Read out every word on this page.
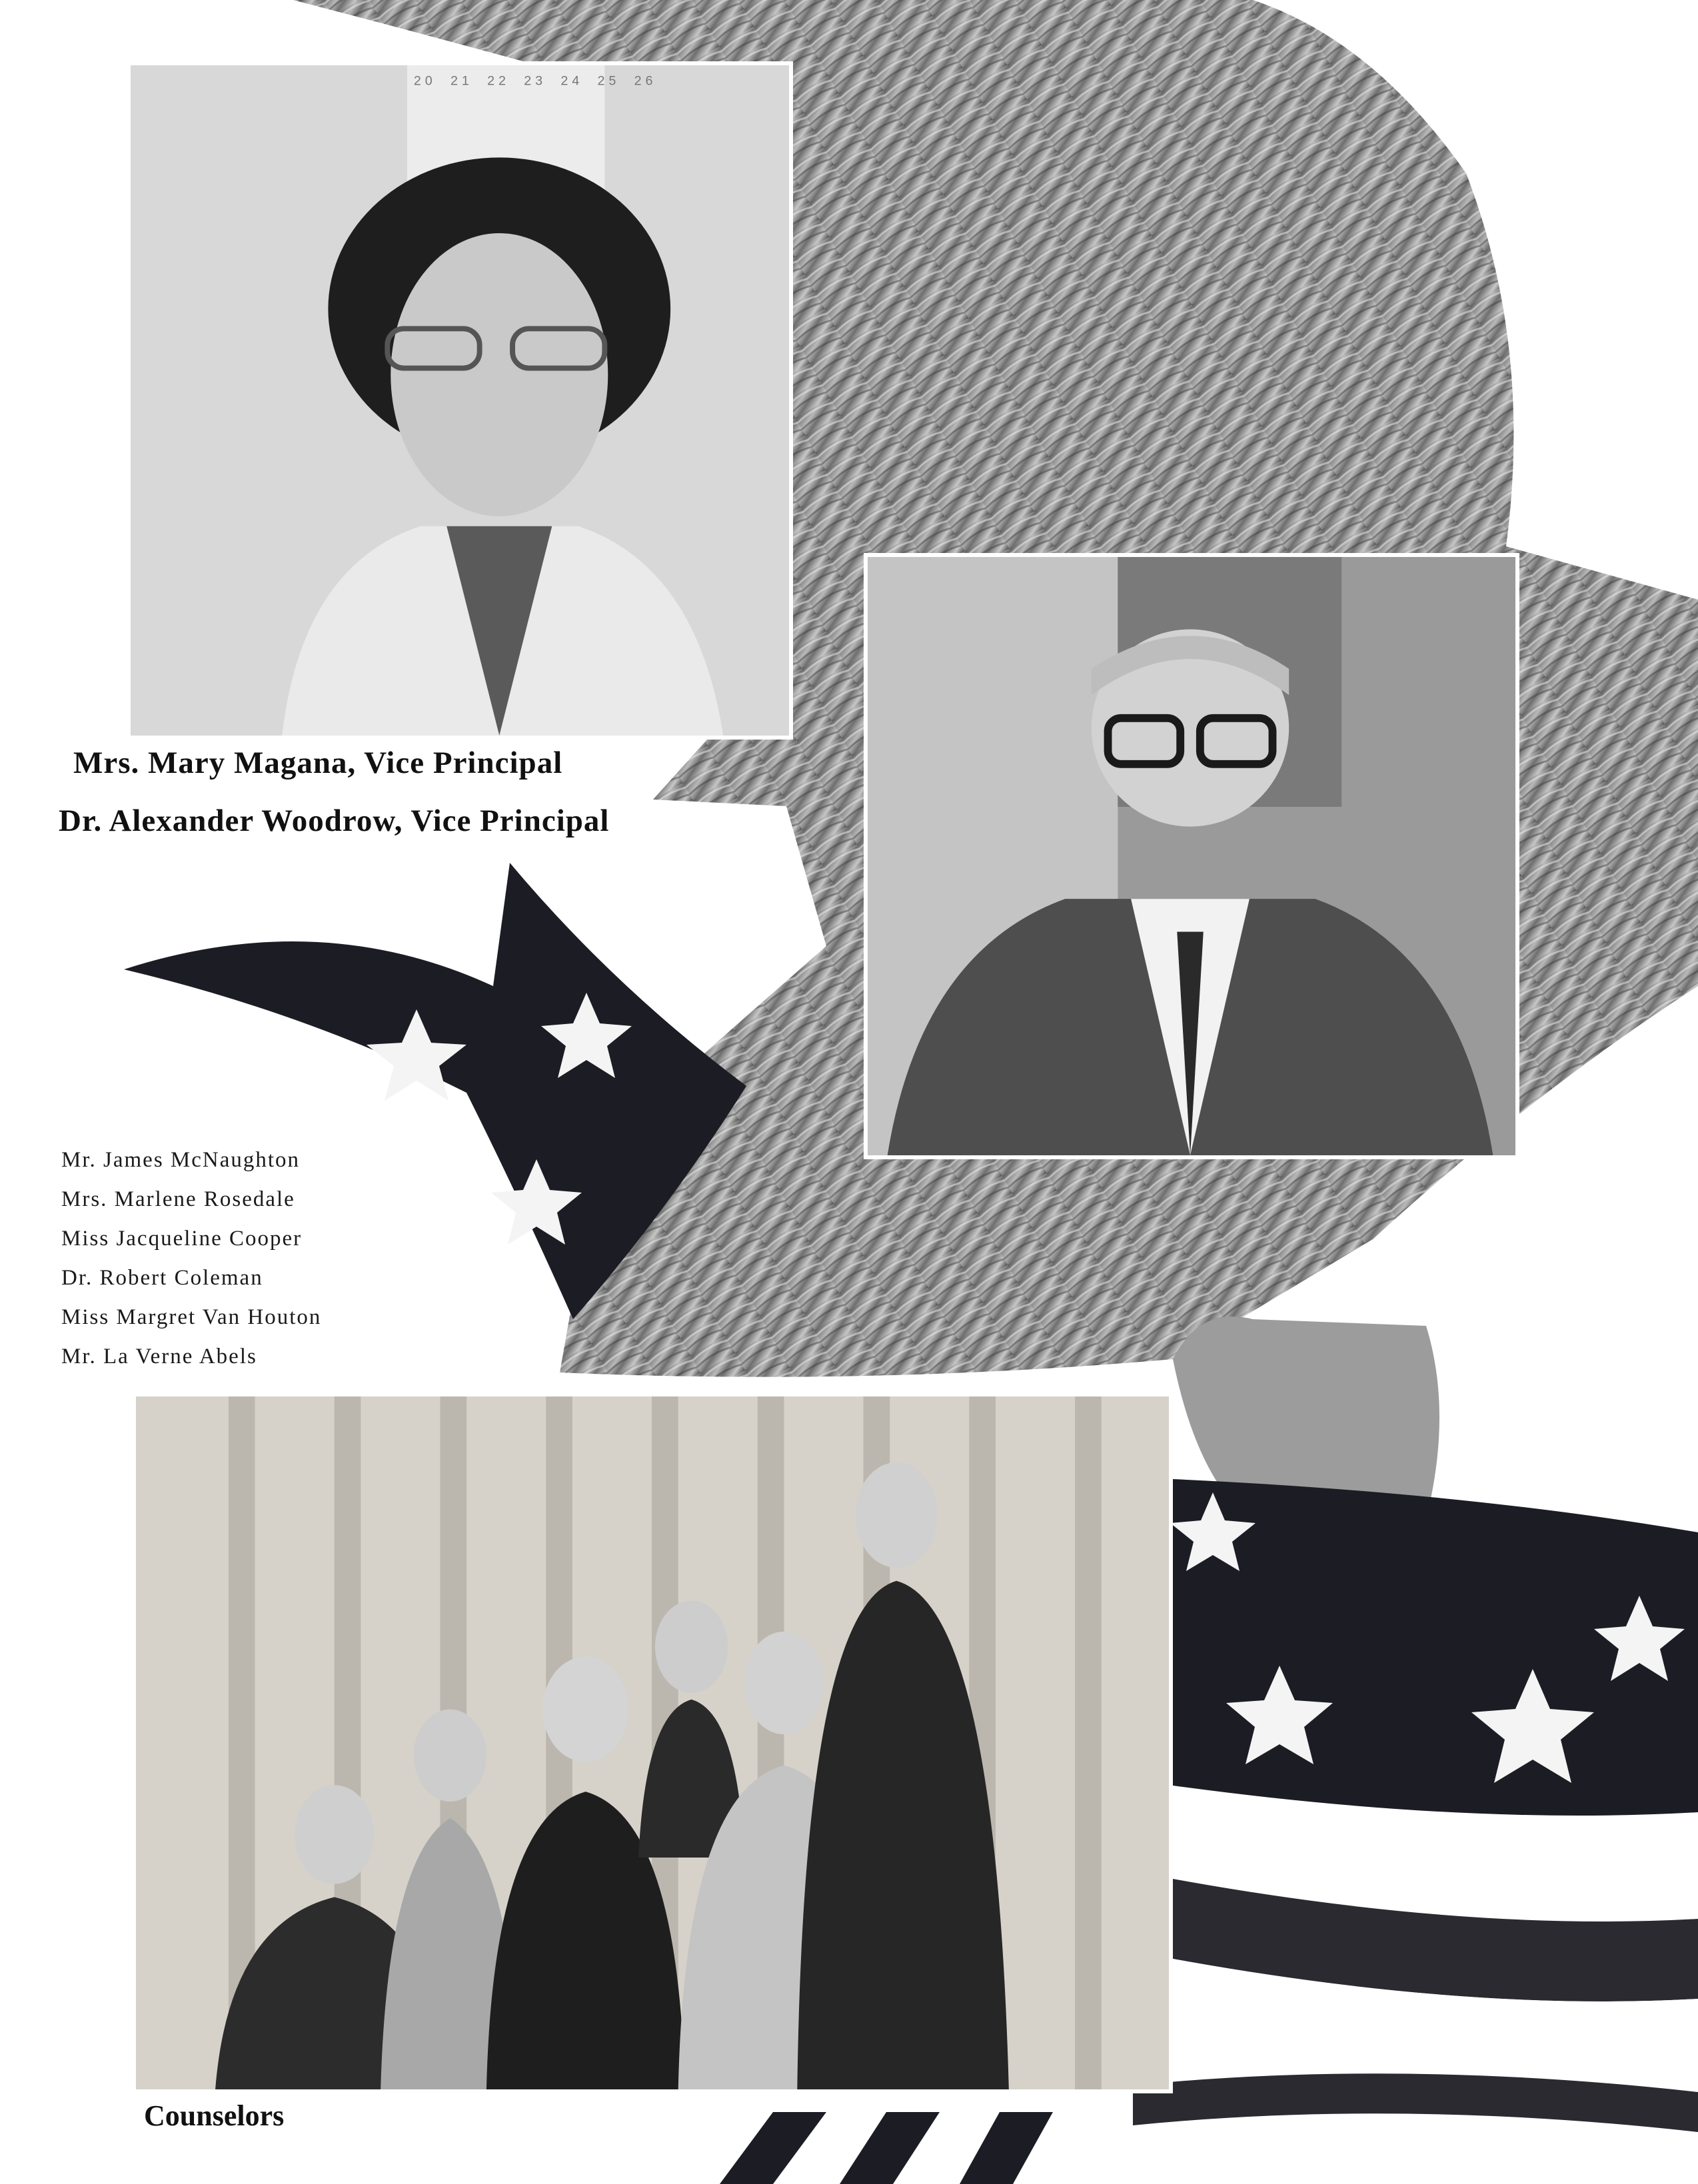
20 21 22 23 24 25 26
Mrs. Mary Magana, Vice Principal
Dr. Alexander Woodrow, Vice Principal
Mr. James McNaughton
Mrs. Marlene Rosedale
Miss Jacqueline Cooper
Dr. Robert Coleman
Miss Margret Van Houton
Mr. La Verne Abels
Counselors
